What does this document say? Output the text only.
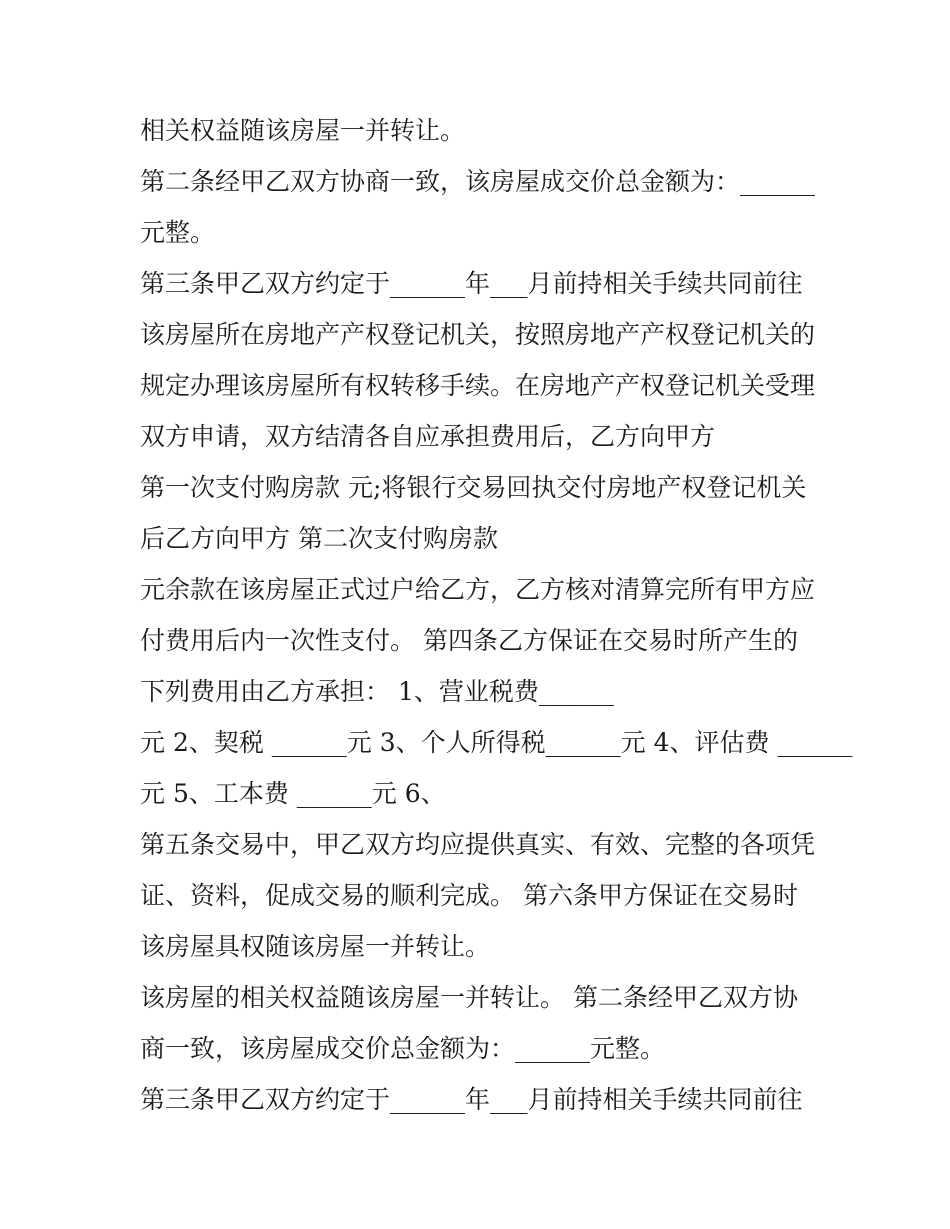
相关权益随该房屋一并转让。
第二条经甲乙双方协商一致，该房屋成交价总金额为：______
元整。
第三条甲乙双方约定于______年___月前持相关手续共同前往
该房屋所在房地产产权登记机关，按照房地产产权登记机关的
规定办理该房屋所有权转移手续。在房地产产权登记机关受理
双方申请，双方结清各自应承担费用后，乙方向甲方
第一次支付购房款 元;将银行交易回执交付房地产权登记机关
后乙方向甲方 第二次支付购房款
元余款在该房屋正式过户给乙方，乙方核对清算完所有甲方应
付费用后内一次性支付。 第四条乙方保证在交易时所产生的
下列费用由乙方承担： 1、营业税费______
元 2、契税 ______元 3、个人所得税______元 4、评估费 ______
元 5、工本费 ______元 6、
第五条交易中，甲乙双方均应提供真实、有效、完整的各项凭
证、资料，促成交易的顺利完成。 第六条甲方保证在交易时
该房屋具权随该房屋一并转让。
该房屋的相关权益随该房屋一并转让。 第二条经甲乙双方协
商一致，该房屋成交价总金额为：______元整。
第三条甲乙双方约定于______年___月前持相关手续共同前往
